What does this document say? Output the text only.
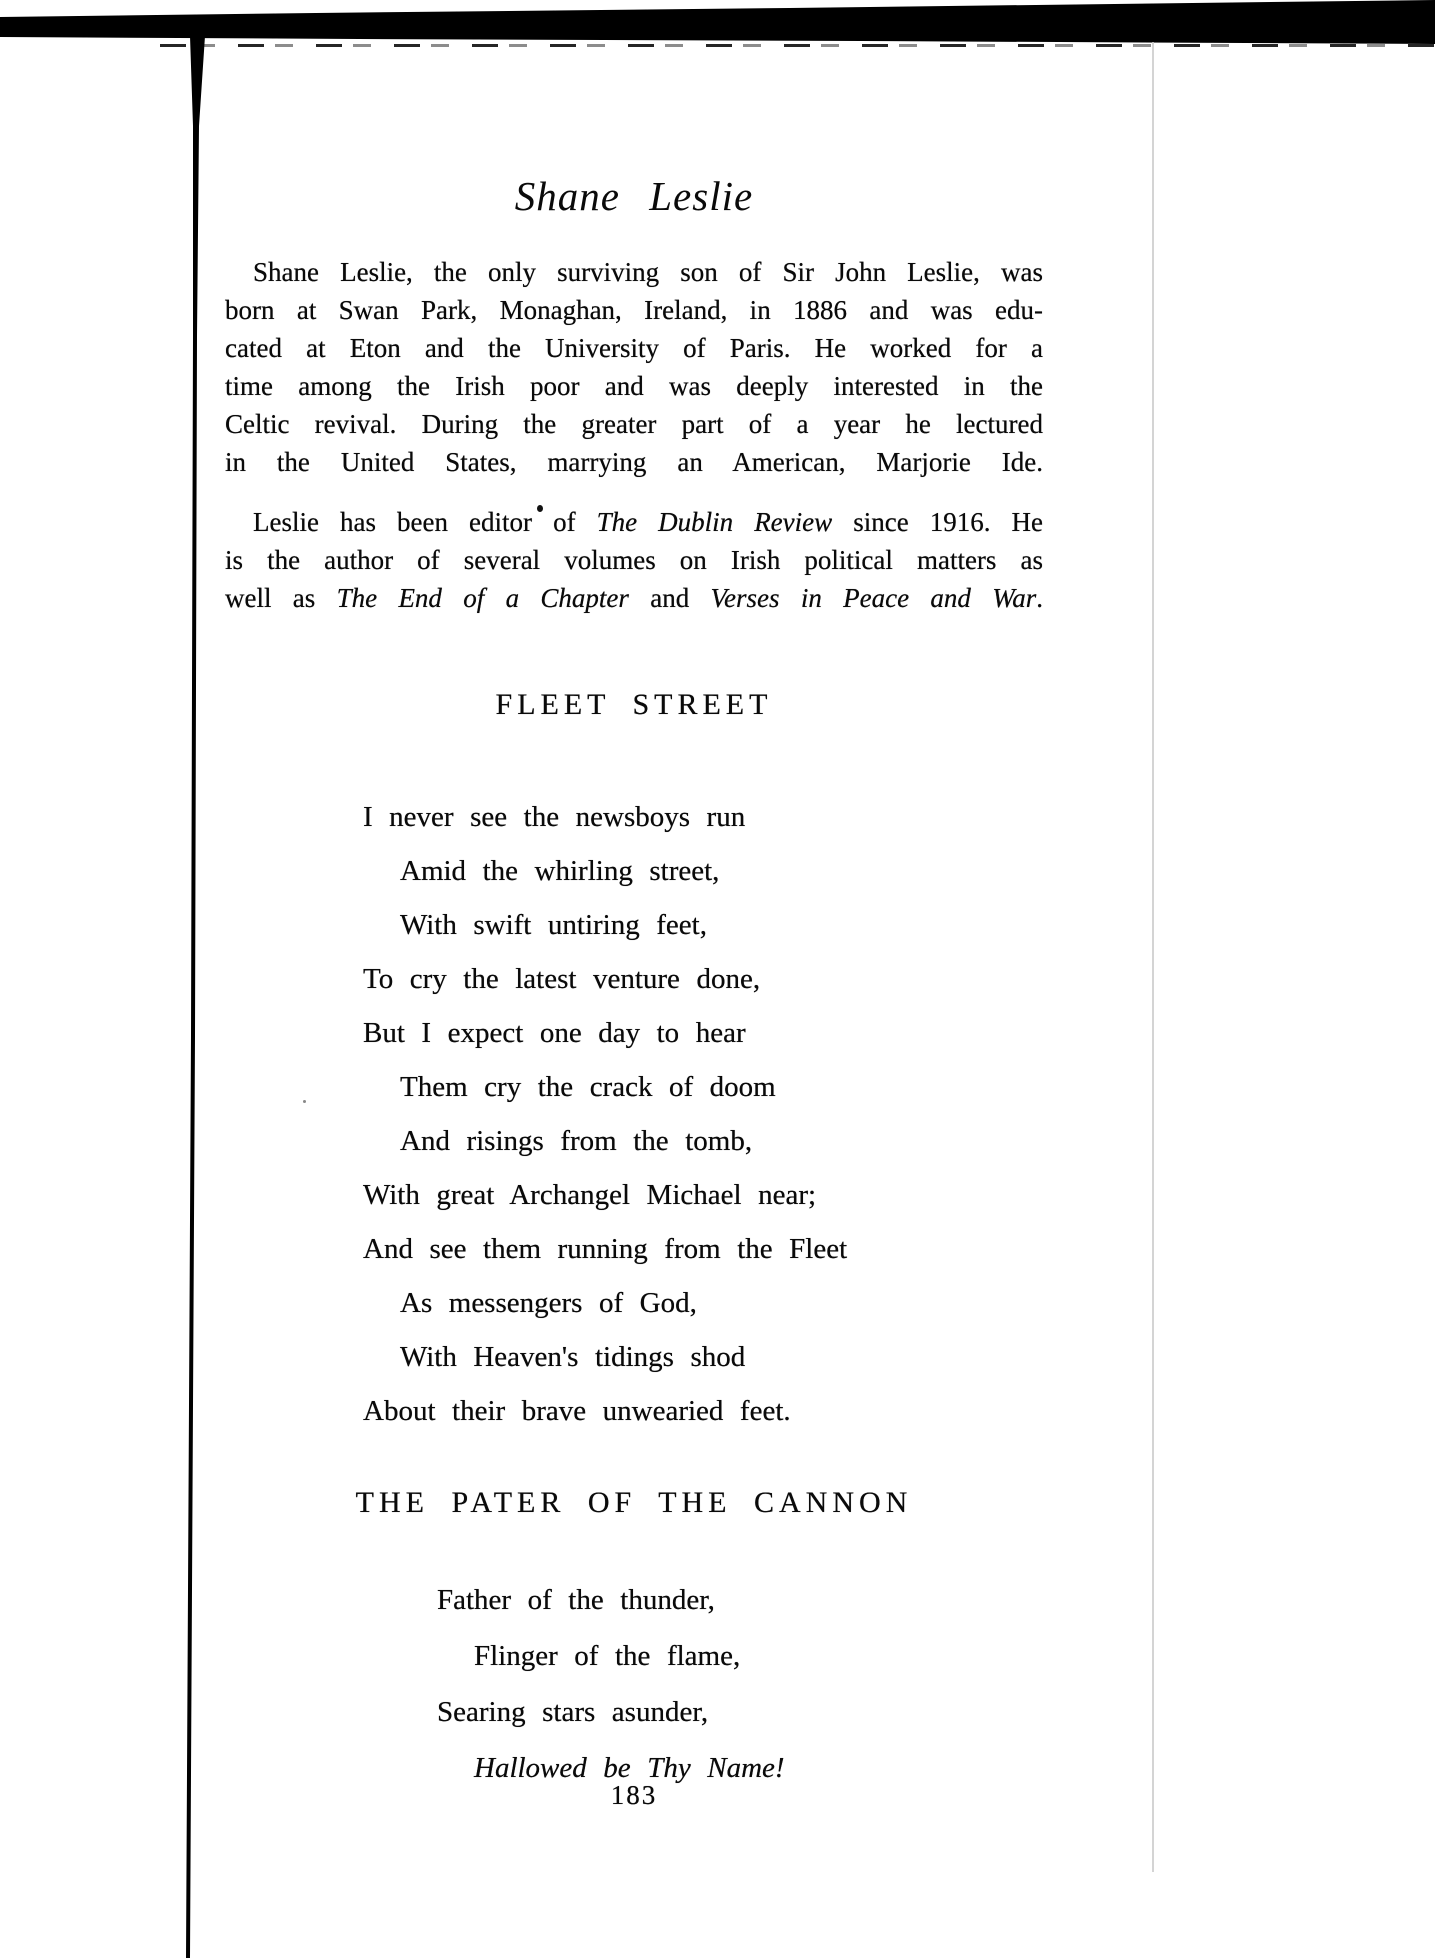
Shane Leslie
Shane Leslie, the only surviving son of Sir John Leslie, was
born at Swan Park, Monaghan, Ireland, in 1886 and was edu-
cated at Eton and the University of Paris. He worked for a
time among the Irish poor and was deeply interested in the
Celtic revival. During the greater part of a year he lectured
in the United States, marrying an American, Marjorie Ide.
Leslie has been editor of The Dublin Review since 1916. He
is the author of several volumes on Irish political matters as
well as The End of a Chapter and Verses in Peace and War.
FLEET STREET
I never see the newsboys run
Amid the whirling street,
With swift untiring feet,
To cry the latest venture done,
But I expect one day to hear
Them cry the crack of doom
And risings from the tomb,
With great Archangel Michael near;
And see them running from the Fleet
As messengers of God,
With Heaven's tidings shod
About their brave unwearied feet.
THE PATER OF THE CANNON
Father of the thunder,
Flinger of the flame,
Searing stars asunder,
Hallowed be Thy Name!
183
